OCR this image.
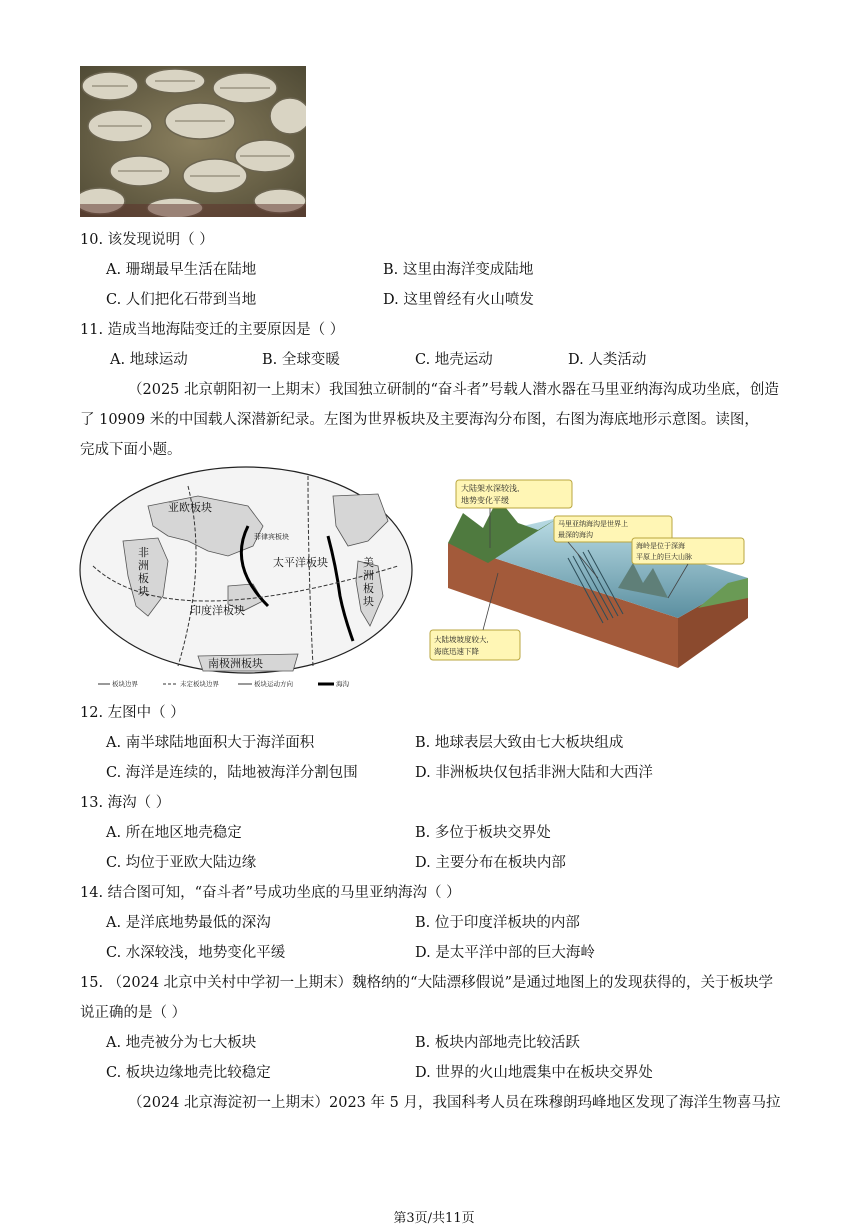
10. 该发现说明（ ）
A. 珊瑚最早生活在陆地	B. 这里由海洋变成陆地
C. 人们把化石带到当地	D. 这里曾经有火山喷发
11. 造成当地海陆变迁的主要原因是（ ）
A. 地球运动	B. 全球变暖	C. 地壳运动	D. 人类活动
（2025 北京朝阳初一上期末）我国独立研制的“奋斗者”号载人潜水器在马里亚纳海沟成功坐底，创造
了 10909 米的中国载人深潜新纪录。左图为世界板块及主要海沟分布图，右图为海底地形示意图。读图，
完成下面小题。
亚欧板块
太平洋板块
印度洋板块
非
洲
板
块
美
洲
板
块
南极洲板块
菲律宾板块
板块边界	未定板块边界	板块运动方向	海沟
大陆架水深较浅,
地势变化平缓
马里亚纳海沟是世界上
最深的海沟
海岭是位于深海
平原上的巨大山脉
大陆坡坡度较大,
海底迅速下降
12. 左图中（ ）
A. 南半球陆地面积大于海洋面积	B. 地球表层大致由七大板块组成
C. 海洋是连续的，陆地被海洋分割包围	D. 非洲板块仅包括非洲大陆和大西洋
13. 海沟（ ）
A. 所在地区地壳稳定	B. 多位于板块交界处
C. 均位于亚欧大陆边缘	D. 主要分布在板块内部
14. 结合图可知，“奋斗者”号成功坐底的马里亚纳海沟（ ）
A. 是洋底地势最低的深沟	B. 位于印度洋板块的内部
C. 水深较浅，地势变化平缓	D. 是太平洋中部的巨大海岭
15. （2024 北京中关村中学初一上期末）魏格纳的“大陆漂移假说”是通过地图上的发现获得的，关于板块学
说正确的是（ ）
A. 地壳被分为七大板块	B. 板块内部地壳比较活跃
C. 板块边缘地壳比较稳定	D. 世界的火山地震集中在板块交界处
（2024 北京海淀初一上期末）2023 年 5 月，我国科考人员在珠穆朗玛峰地区发现了海洋生物喜马拉
第3页/共11页
